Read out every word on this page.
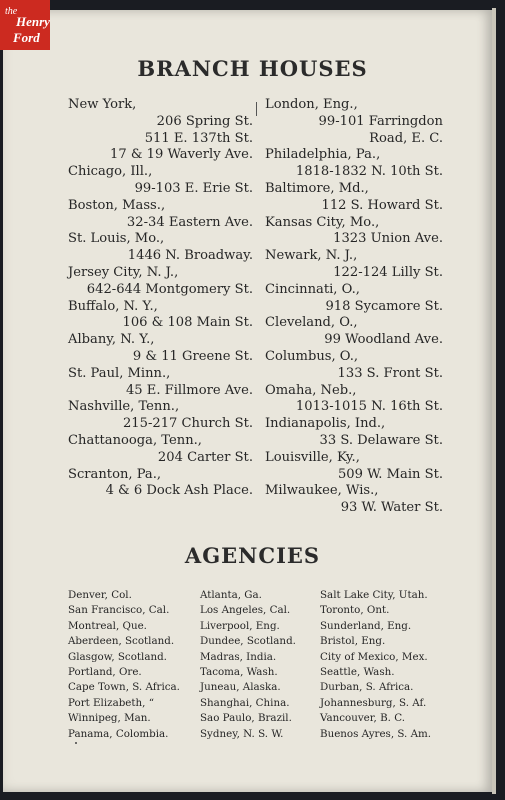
the
Henry
Ford
BRANCH HOUSES
New York,
206 Spring St.
511 E. 137th St.
17 & 19 Waverly Ave.
Chicago, Ill.,
99-103 E. Erie St.
Boston, Mass.,
32-34 Eastern Ave.
St. Louis, Mo.,
1446 N. Broadway.
Jersey City, N. J.,
642-644 Montgomery St.
Buffalo, N. Y.,
106 & 108 Main St.
Albany, N. Y.,
9 & 11 Greene St.
St. Paul, Minn.,
45 E. Fillmore Ave.
Nashville, Tenn.,
215-217 Church St.
Chattanooga, Tenn.,
204 Carter St.
Scranton, Pa.,
4 & 6 Dock Ash Place.
London, Eng.,
99-101 Farringdon
Road, E. C.
Philadelphia, Pa.,
1818-1832 N. 10th St.
Baltimore, Md.,
112 S. Howard St.
Kansas City, Mo.,
1323 Union Ave.
Newark, N. J.,
122-124 Lilly St.
Cincinnati, O.,
918 Sycamore St.
Cleveland, O.,
99 Woodland Ave.
Columbus, O.,
133 S. Front St.
Omaha, Neb.,
1013-1015 N. 16th St.
Indianapolis, Ind.,
33 S. Delaware St.
Louisville, Ky.,
509 W. Main St.
Milwaukee, Wis.,
93 W. Water St.
AGENCIES
Denver, Col.	Atlanta, Ga.	Salt Lake City, Utah.
San Francisco, Cal.	Los Angeles, Cal.	Toronto, Ont.
Montreal, Que.	Liverpool, Eng.	Sunderland, Eng.
Aberdeen, Scotland.	Dundee, Scotland.	Bristol, Eng.
Glasgow, Scotland.	Madras, India.	City of Mexico, Mex.
Portland, Ore.	Tacoma, Wash.	Seattle, Wash.
Cape Town, S. Africa.	Juneau, Alaska.	Durban, S. Africa.
Port Elizabeth, “	Shanghai, China.	Johannesburg, S. Af.
Winnipeg, Man.	Sao Paulo, Brazil.	Vancouver, B. C.
Panama, Colombia.	Sydney, N. S. W.	Buenos Ayres, S. Am.
